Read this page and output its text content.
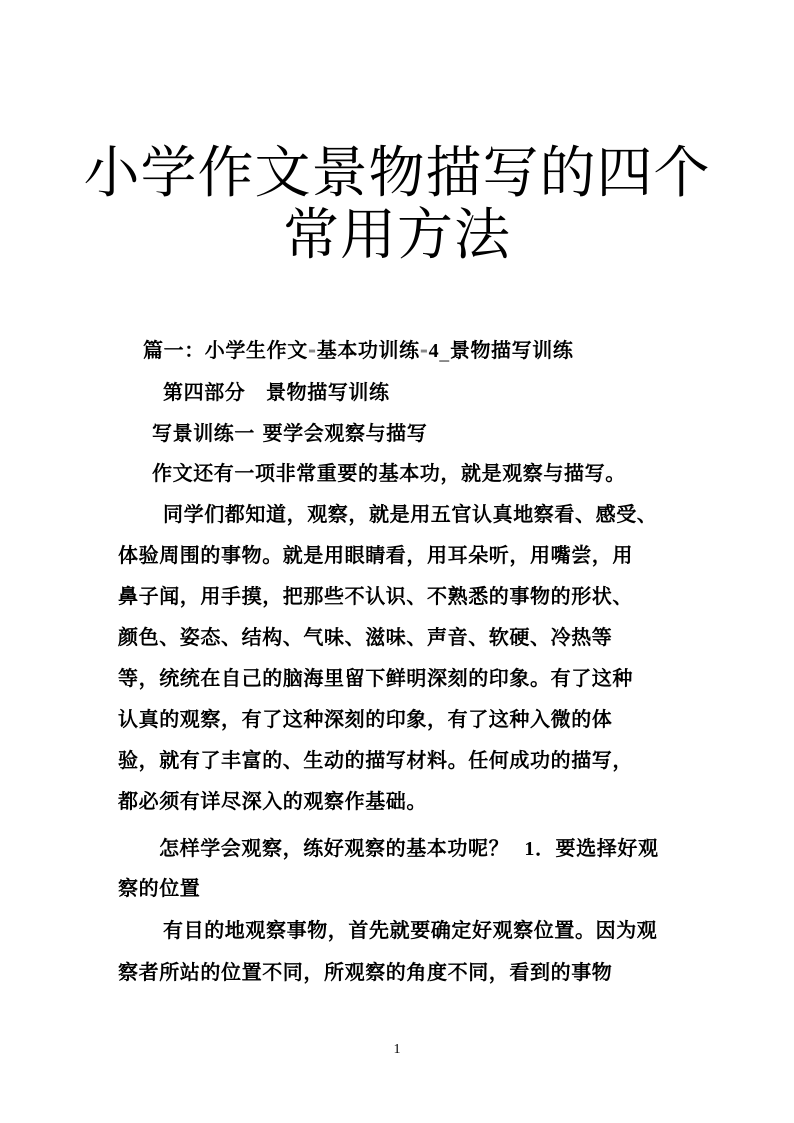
小学作文景物描写的四个
常用方法
篇一：小学生作文-基本功训练-4_景物描写训练
第四部分　景物描写训练
写景训练一 要学会观察与描写
作文还有一项非常重要的基本功，就是观察与描写。
同学们都知道，观察，就是用五官认真地察看、感受、
体验周围的事物。就是用眼睛看，用耳朵听，用嘴尝，用
鼻子闻，用手摸，把那些不认识、不熟悉的事物的形状、
颜色、姿态、结构、气味、滋味、声音、软硬、冷热等
等，统统在自己的脑海里留下鲜明深刻的印象。有了这种
认真的观察，有了这种深刻的印象，有了这种入微的体
验，就有了丰富的、生动的描写材料。任何成功的描写，
都必须有详尽深入的观察作基础。
怎样学会观察，练好观察的基本功呢？ 1．要选择好观
察的位置
有目的地观察事物，首先就要确定好观察位置。因为观
察者所站的位置不同，所观察的角度不同，看到的事物
1
